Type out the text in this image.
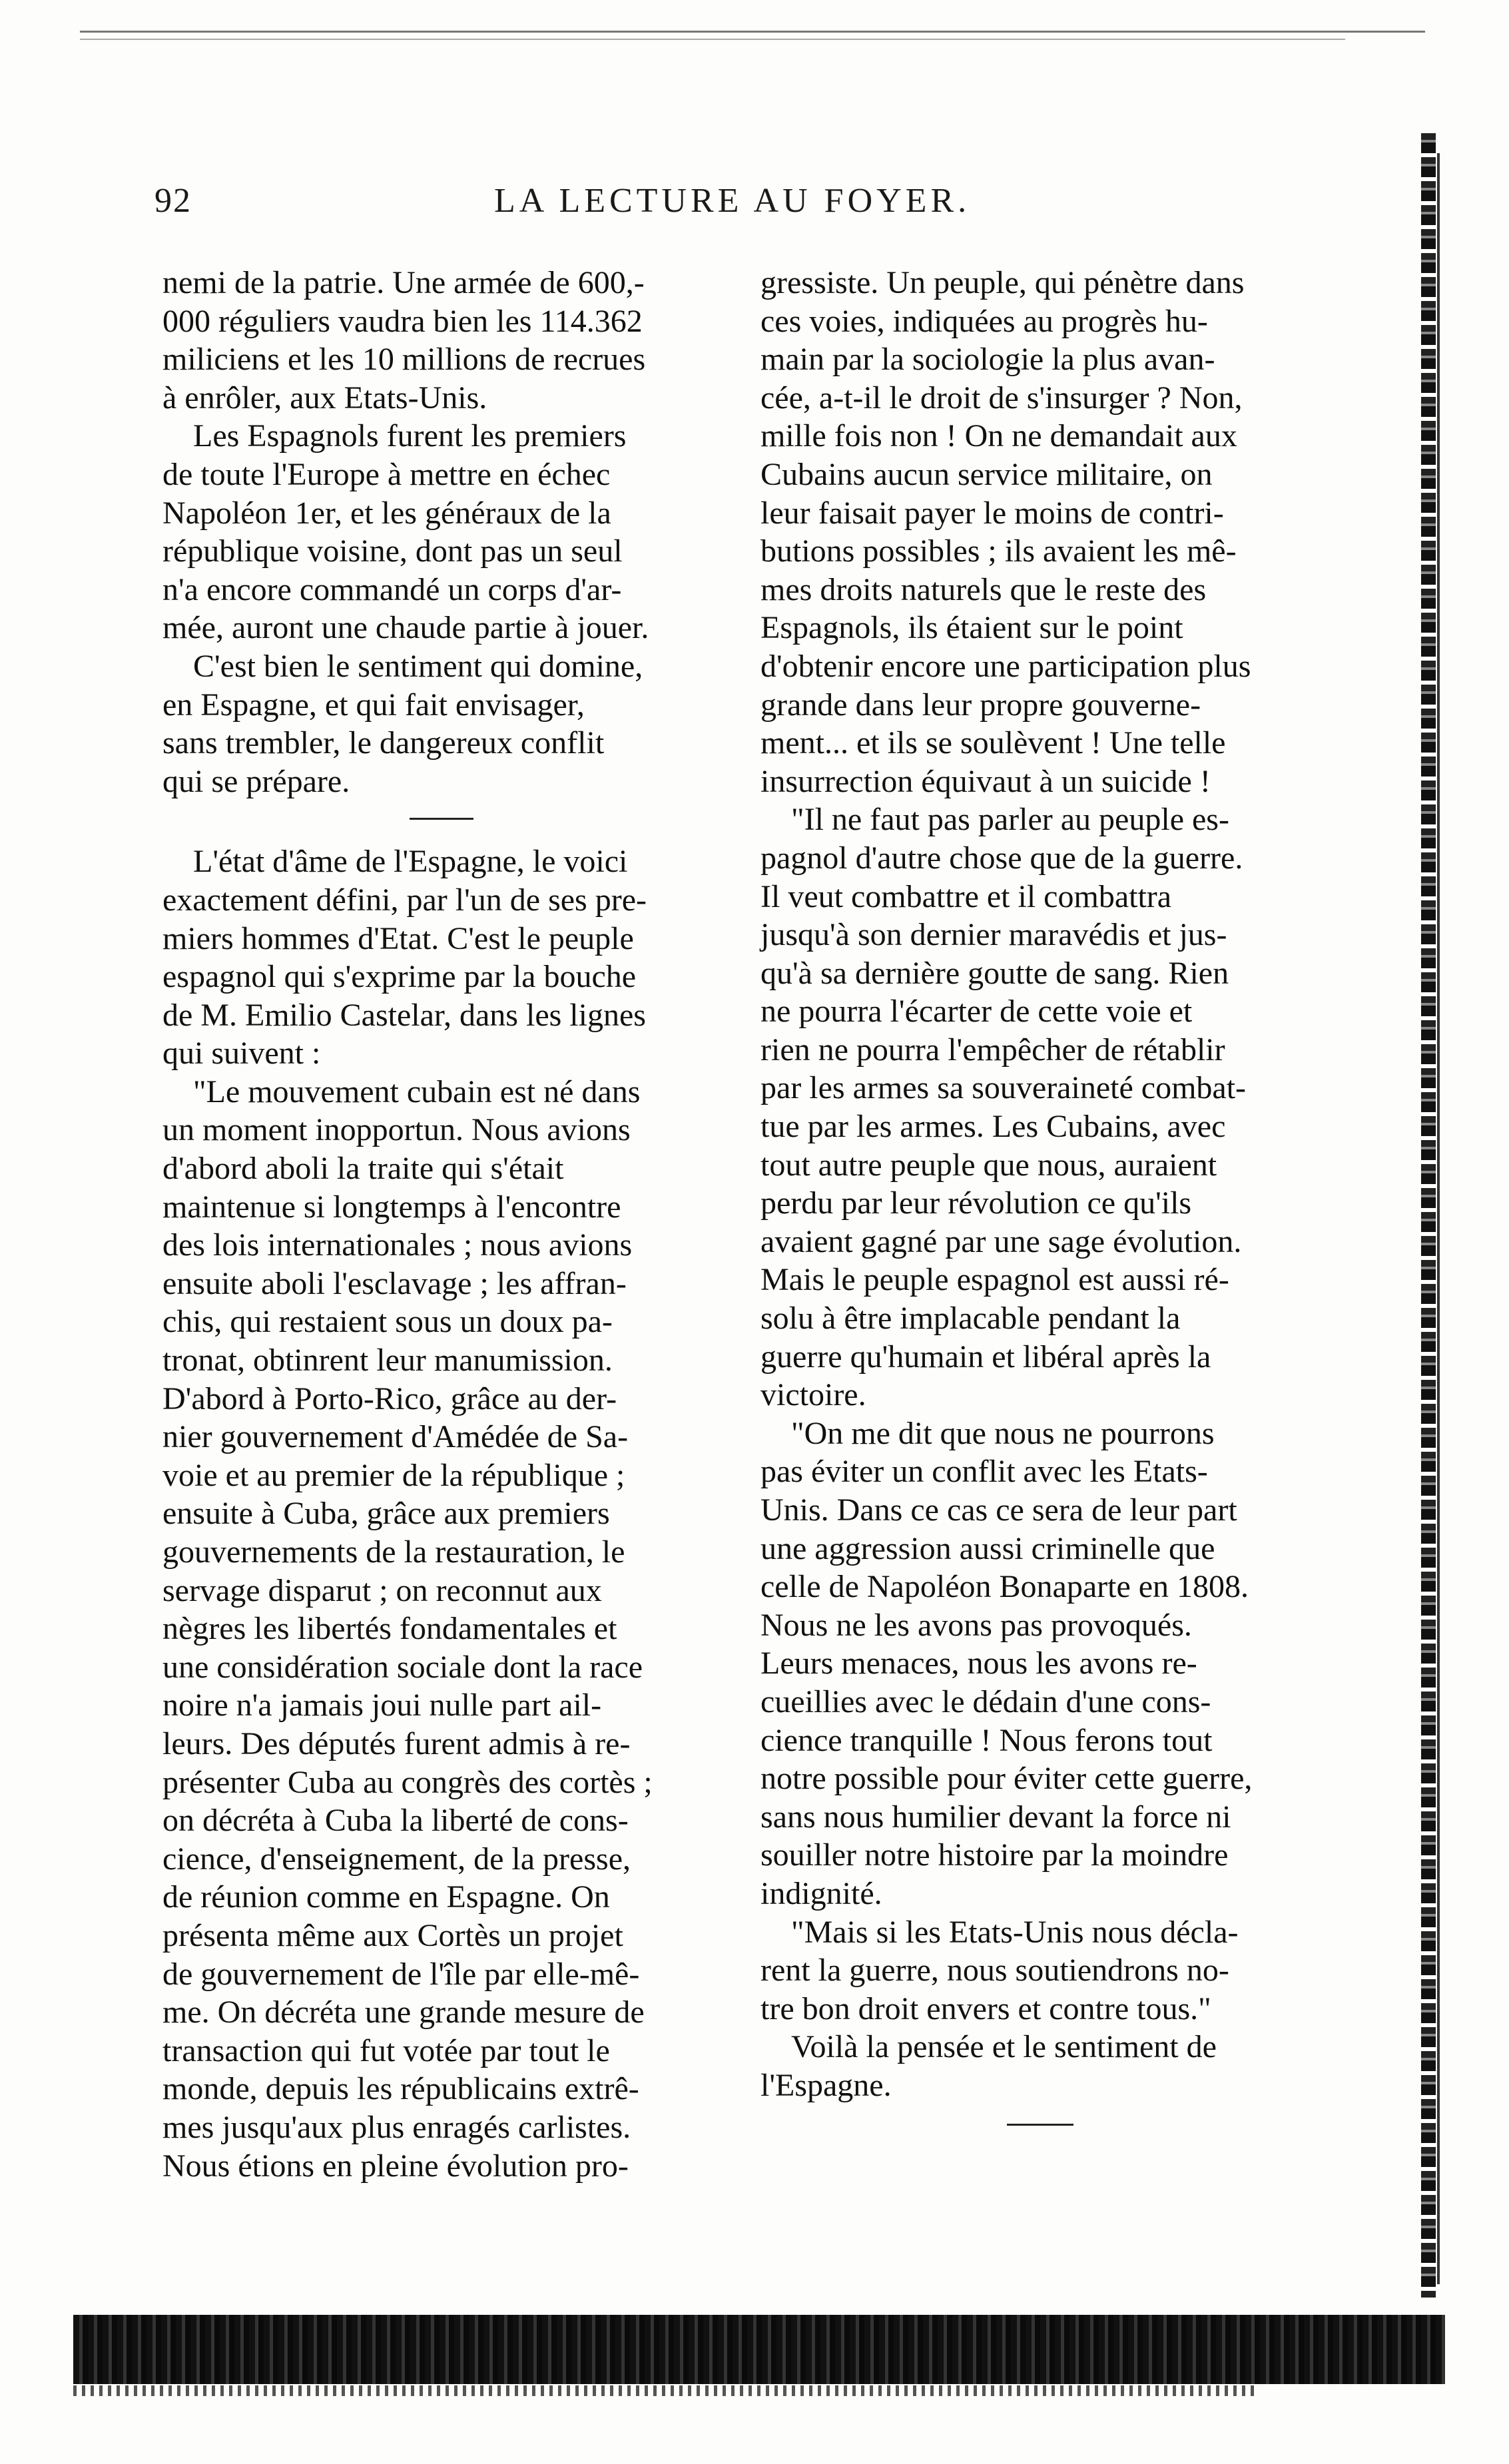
92	LA LECTURE AU FOYER.

nemi de la patrie. Une armée de 600,-
000 réguliers vaudra bien les 114.362
miliciens et les 10 millions de recrues
à enrôler, aux Etats-Unis.

Les Espagnols furent les premiers
de toute l'Europe à mettre en échec
Napoléon 1er, et les généraux de la
république voisine, dont pas un seul
n'a encore commandé un corps d'ar-
mée, auront une chaude partie à jouer.

C'est bien le sentiment qui domine,
en Espagne, et qui fait envisager,
sans trembler, le dangereux conflit
qui se prépare.

L'état d'âme de l'Espagne, le voici
exactement défini, par l'un de ses pre-
miers hommes d'Etat. C'est le peuple
espagnol qui s'exprime par la bouche
de M. Emilio Castelar, dans les lignes
qui suivent :

"Le mouvement cubain est né dans
un moment inopportun. Nous avions
d'abord aboli la traite qui s'était
maintenue si longtemps à l'encontre
des lois internationales ; nous avions
ensuite aboli l'esclavage ; les affran-
chis, qui restaient sous un doux pa-
tronat, obtinrent leur manumission.
D'abord à Porto-Rico, grâce au der-
nier gouvernement d'Amédée de Sa-
voie et au premier de la république ;
ensuite à Cuba, grâce aux premiers
gouvernements de la restauration, le
servage disparut ; on reconnut aux
nègres les libertés fondamentales et
une considération sociale dont la race
noire n'a jamais joui nulle part ail-
leurs. Des députés furent admis à re-
présenter Cuba au congrès des cortès ;
on décréta à Cuba la liberté de cons-
cience, d'enseignement, de la presse,
de réunion comme en Espagne. On
présenta même aux Cortès un projet
de gouvernement de l'île par elle-mê-
me. On décréta une grande mesure de
transaction qui fut votée par tout le
monde, depuis les républicains extrê-
mes jusqu'aux plus enragés carlistes.
Nous étions en pleine évolution pro-

gressiste. Un peuple, qui pénètre dans
ces voies, indiquées au progrès hu-
main par la sociologie la plus avan-
cée, a-t-il le droit de s'insurger ? Non,
mille fois non ! On ne demandait aux
Cubains aucun service militaire, on
leur faisait payer le moins de contri-
butions possibles ; ils avaient les mê-
mes droits naturels que le reste des
Espagnols, ils étaient sur le point
d'obtenir encore une participation plus
grande dans leur propre gouverne-
ment... et ils se soulèvent ! Une telle
insurrection équivaut à un suicide !

"Il ne faut pas parler au peuple es-
pagnol d'autre chose que de la guerre.
Il veut combattre et il combattra
jusqu'à son dernier maravédis et jus-
qu'à sa dernière goutte de sang. Rien
ne pourra l'écarter de cette voie et
rien ne pourra l'empêcher de rétablir
par les armes sa souveraineté combat-
tue par les armes. Les Cubains, avec
tout autre peuple que nous, auraient
perdu par leur révolution ce qu'ils
avaient gagné par une sage évolution.
Mais le peuple espagnol est aussi ré-
solu à être implacable pendant la
guerre qu'humain et libéral après la
victoire.

"On me dit que nous ne pourrons
pas éviter un conflit avec les Etats-
Unis. Dans ce cas ce sera de leur part
une aggression aussi criminelle que
celle de Napoléon Bonaparte en 1808.
Nous ne les avons pas provoqués.
Leurs menaces, nous les avons re-
cueillies avec le dédain d'une cons-
cience tranquille ! Nous ferons tout
notre possible pour éviter cette guerre,
sans nous humilier devant la force ni
souiller notre histoire par la moindre
indignité.

"Mais si les Etats-Unis nous décla-
rent la guerre, nous soutiendrons no-
tre bon droit envers et contre tous."

Voilà la pensée et le sentiment de
l'Espagne.
